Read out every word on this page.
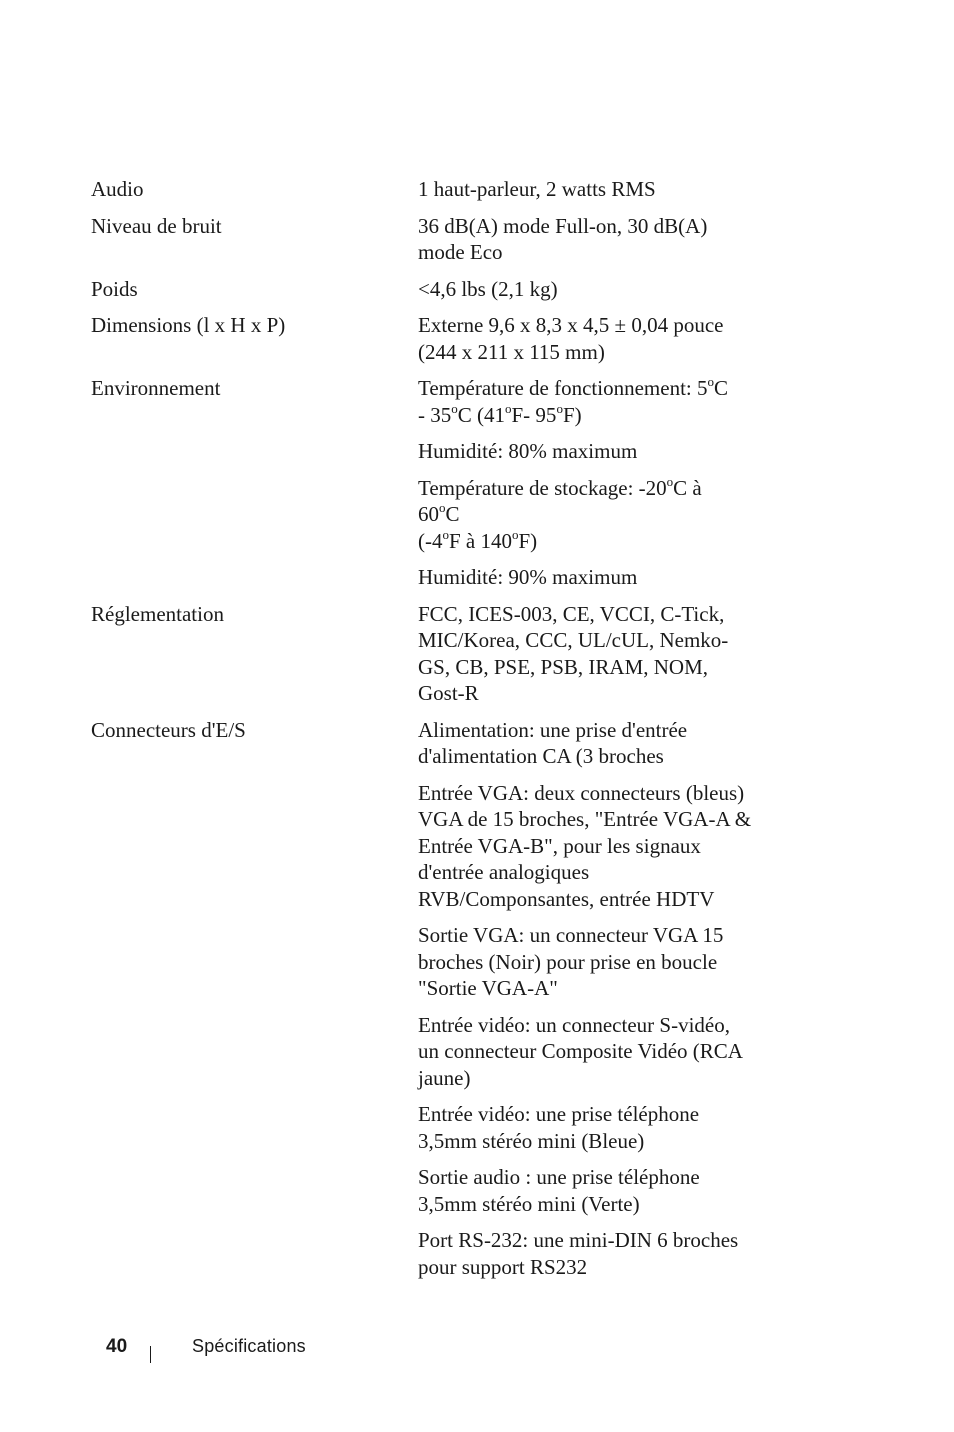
Audio	1 haut-parleur, 2 watts RMS
Niveau de bruit	36 dB(A) mode Full-on, 30 dB(A)
mode Eco
Poids	<4,6 lbs (2,1 kg)
Dimensions (l x H x P)	Externe 9,6 x 8,3 x 4,5 ± 0,04 pouce
(244 x 211 x 115 mm)
Environnement	Température de fonctionnement: 5$^o$C
- 35$^o$C (41$^o$F- 95$^o$F)
Humidité: 80% maximum
Température de stockage: -20$^o$C à
60$^o$C
(-4$^o$F à 140$^o$F)
Humidité: 90% maximum
Réglementation	FCC, ICES-003, CE, VCCI, C-Tick,
MIC/Korea, CCC, UL/cUL, Nemko-
GS, CB, PSE, PSB, IRAM, NOM,
Gost-R
Connecteurs d'E/S	Alimentation: une prise d'entrée
d'alimentation CA (3 broches
Entrée VGA: deux connecteurs (bleus)
VGA de 15 broches, "Entrée VGA-A &
Entrée VGA-B", pour les signaux
d'entrée analogiques
RVB/Componsantes, entrée HDTV
Sortie VGA: un connecteur VGA 15
broches (Noir) pour prise en boucle
"Sortie VGA-A"
Entrée vidéo: un connecteur S-vidéo,
un connecteur Composite Vidéo (RCA
jaune)
Entrée vidéo: une prise téléphone
3,5mm stéréo mini (Bleue)
Sortie audio : une prise téléphone
3,5mm stéréo mini (Verte)
Port RS-232: une mini-DIN 6 broches
pour support RS232
40	Spécifications
